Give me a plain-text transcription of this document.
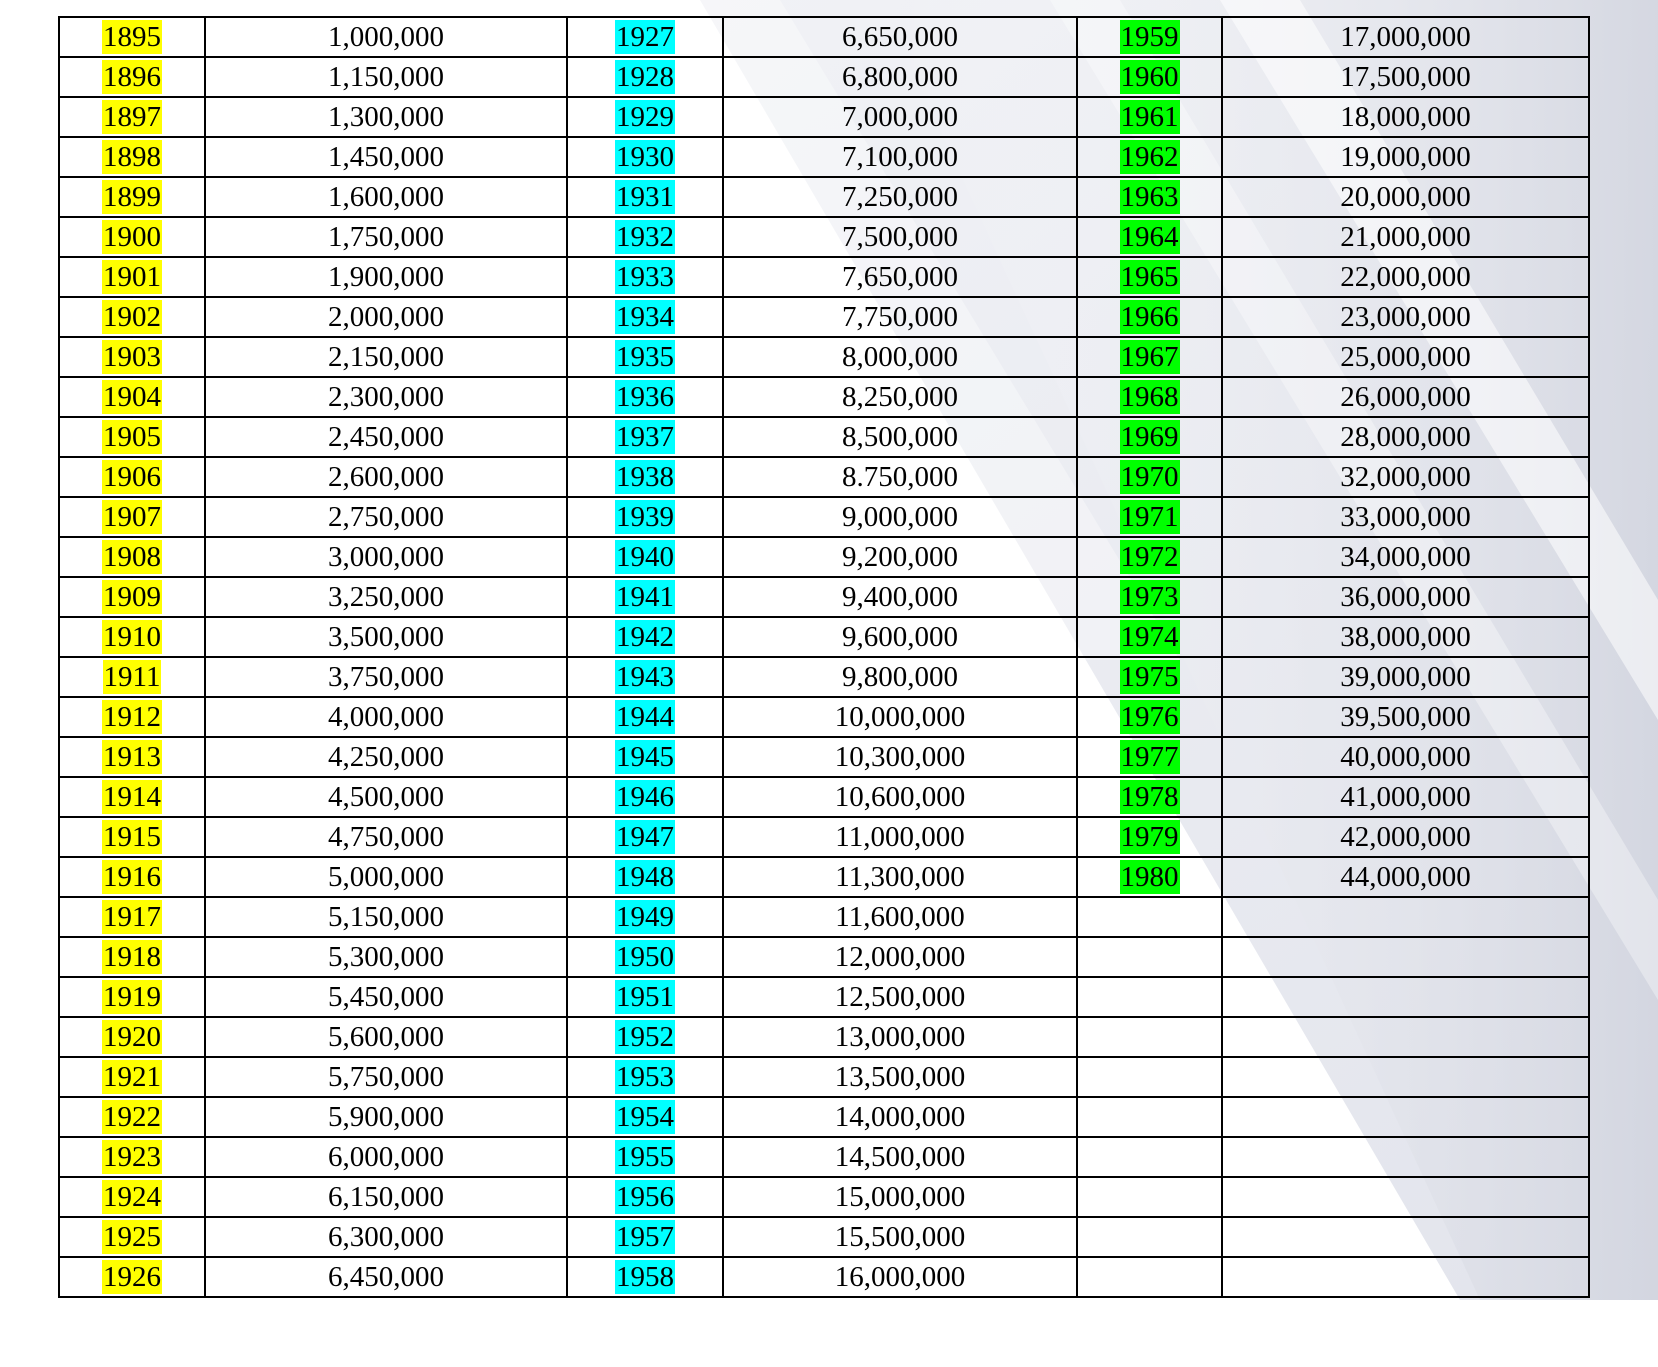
1895	1,000,000	1927	6,650,000	1959	17,000,000
1896	1,150,000	1928	6,800,000	1960	17,500,000
1897	1,300,000	1929	7,000,000	1961	18,000,000
1898	1,450,000	1930	7,100,000	1962	19,000,000
1899	1,600,000	1931	7,250,000	1963	20,000,000
1900	1,750,000	1932	7,500,000	1964	21,000,000
1901	1,900,000	1933	7,650,000	1965	22,000,000
1902	2,000,000	1934	7,750,000	1966	23,000,000
1903	2,150,000	1935	8,000,000	1967	25,000,000
1904	2,300,000	1936	8,250,000	1968	26,000,000
1905	2,450,000	1937	8,500,000	1969	28,000,000
1906	2,600,000	1938	8.750,000	1970	32,000,000
1907	2,750,000	1939	9,000,000	1971	33,000,000
1908	3,000,000	1940	9,200,000	1972	34,000,000
1909	3,250,000	1941	9,400,000	1973	36,000,000
1910	3,500,000	1942	9,600,000	1974	38,000,000
1911	3,750,000	1943	9,800,000	1975	39,000,000
1912	4,000,000	1944	10,000,000	1976	39,500,000
1913	4,250,000	1945	10,300,000	1977	40,000,000
1914	4,500,000	1946	10,600,000	1978	41,000,000
1915	4,750,000	1947	11,000,000	1979	42,000,000
1916	5,000,000	1948	11,300,000	1980	44,000,000
1917	5,150,000	1949	11,600,000		
1918	5,300,000	1950	12,000,000		
1919	5,450,000	1951	12,500,000		
1920	5,600,000	1952	13,000,000		
1921	5,750,000	1953	13,500,000		
1922	5,900,000	1954	14,000,000		
1923	6,000,000	1955	14,500,000		
1924	6,150,000	1956	15,000,000		
1925	6,300,000	1957	15,500,000		
1926	6,450,000	1958	16,000,000		
